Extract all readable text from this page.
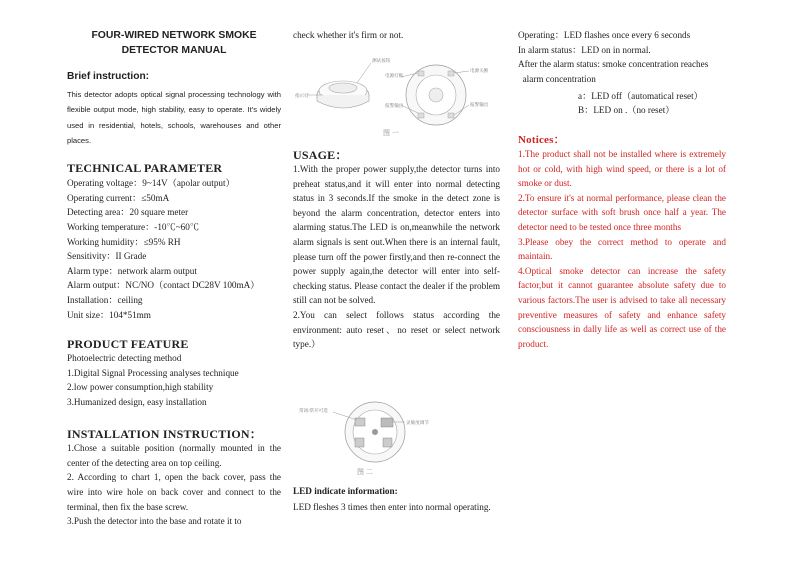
FOUR-WIRED NETWORK SMOKE
DETECTOR MANUAL
Brief instruction:
This detector adopts optical signal processing technology with flexible output mode, high stability, easy to operate. It's widely used in residential, hotels, schools, warehouses and other places.
TECHNICAL PARAMETER
Operating voltage：9~14V（apolar output）
Operating current：≤50mA
Detecting area：20 square meter
Working temperature：-10℃~60℃
Working humidity：≤95% RH
Sensitivity：II Grade
Alarm type：network alarm output
Alarm output：NC/NO（contact DC28V 100mA）
Installation：ceiling
Unit size：104*51mm
PRODUCT FEATURE
Photoelectric detecting method
1.Digital Signal Processing analyses technique
2.low power consumption,high stability
3.Humanized design, easy installation
INSTALLATION INSTRUCTION：
1.Chose a suitable position (normally mounted in the center of the detecting area on top ceiling.
2. According to chart 1, open the back cover, pass the wire into wire hole on back cover and connect to the terminal, then fix the base screw.
3.Push the detector into the base and rotate it to
check whether it's firm or not.
测试按钮
电源灯框
指示灯
报警输出
电源关断
报警输出
图 一
USAGE：
1.With the proper power supply,the detector turns into preheat status,and it will enter into normal detecting status in 3 seconds.If the smoke in the detect zone is beyond the alarm concentration, detector enters into alarming status.The LED is on,meanwhile the network alarm signals is sent out.When there is an internal fault, please turn off the power firstly,and then re-connect the power supply again,the detector will enter into self-checking status. Please contact the dealer if the problem still can not be solved.
2.You can select follows status according the environment: auto reset、no reset or select network type.）
常闭/常开可选
灵敏度调节
图 二
LED indicate information:
LED fleshes 3 times then enter into normal operating.
Operating：LED flashes once every 6 seconds
In alarm status：LED on in normal.
After the alarm status: smoke concentration reaches
alarm concentration
a：LED off（automatical reset）
B：LED on .（no reset）
Notices：
1.The product shall not be installed where is extremely hot or cold, with high wind speed, or there is a lot of smoke or dust.
2.To ensure it's at normal performance, please clean the detector surface with soft brush once half a year. The detector need to be tested once three months
3.Please obey the correct method to operate and maintain.
4.Optical smoke detector can increase the safety factor,but it cannot guarantee absolute safety due to various factors.The user is advised to take all necessary preventive measures of safety and enhance safety consciousness in dally life as well as correct use of the product.
